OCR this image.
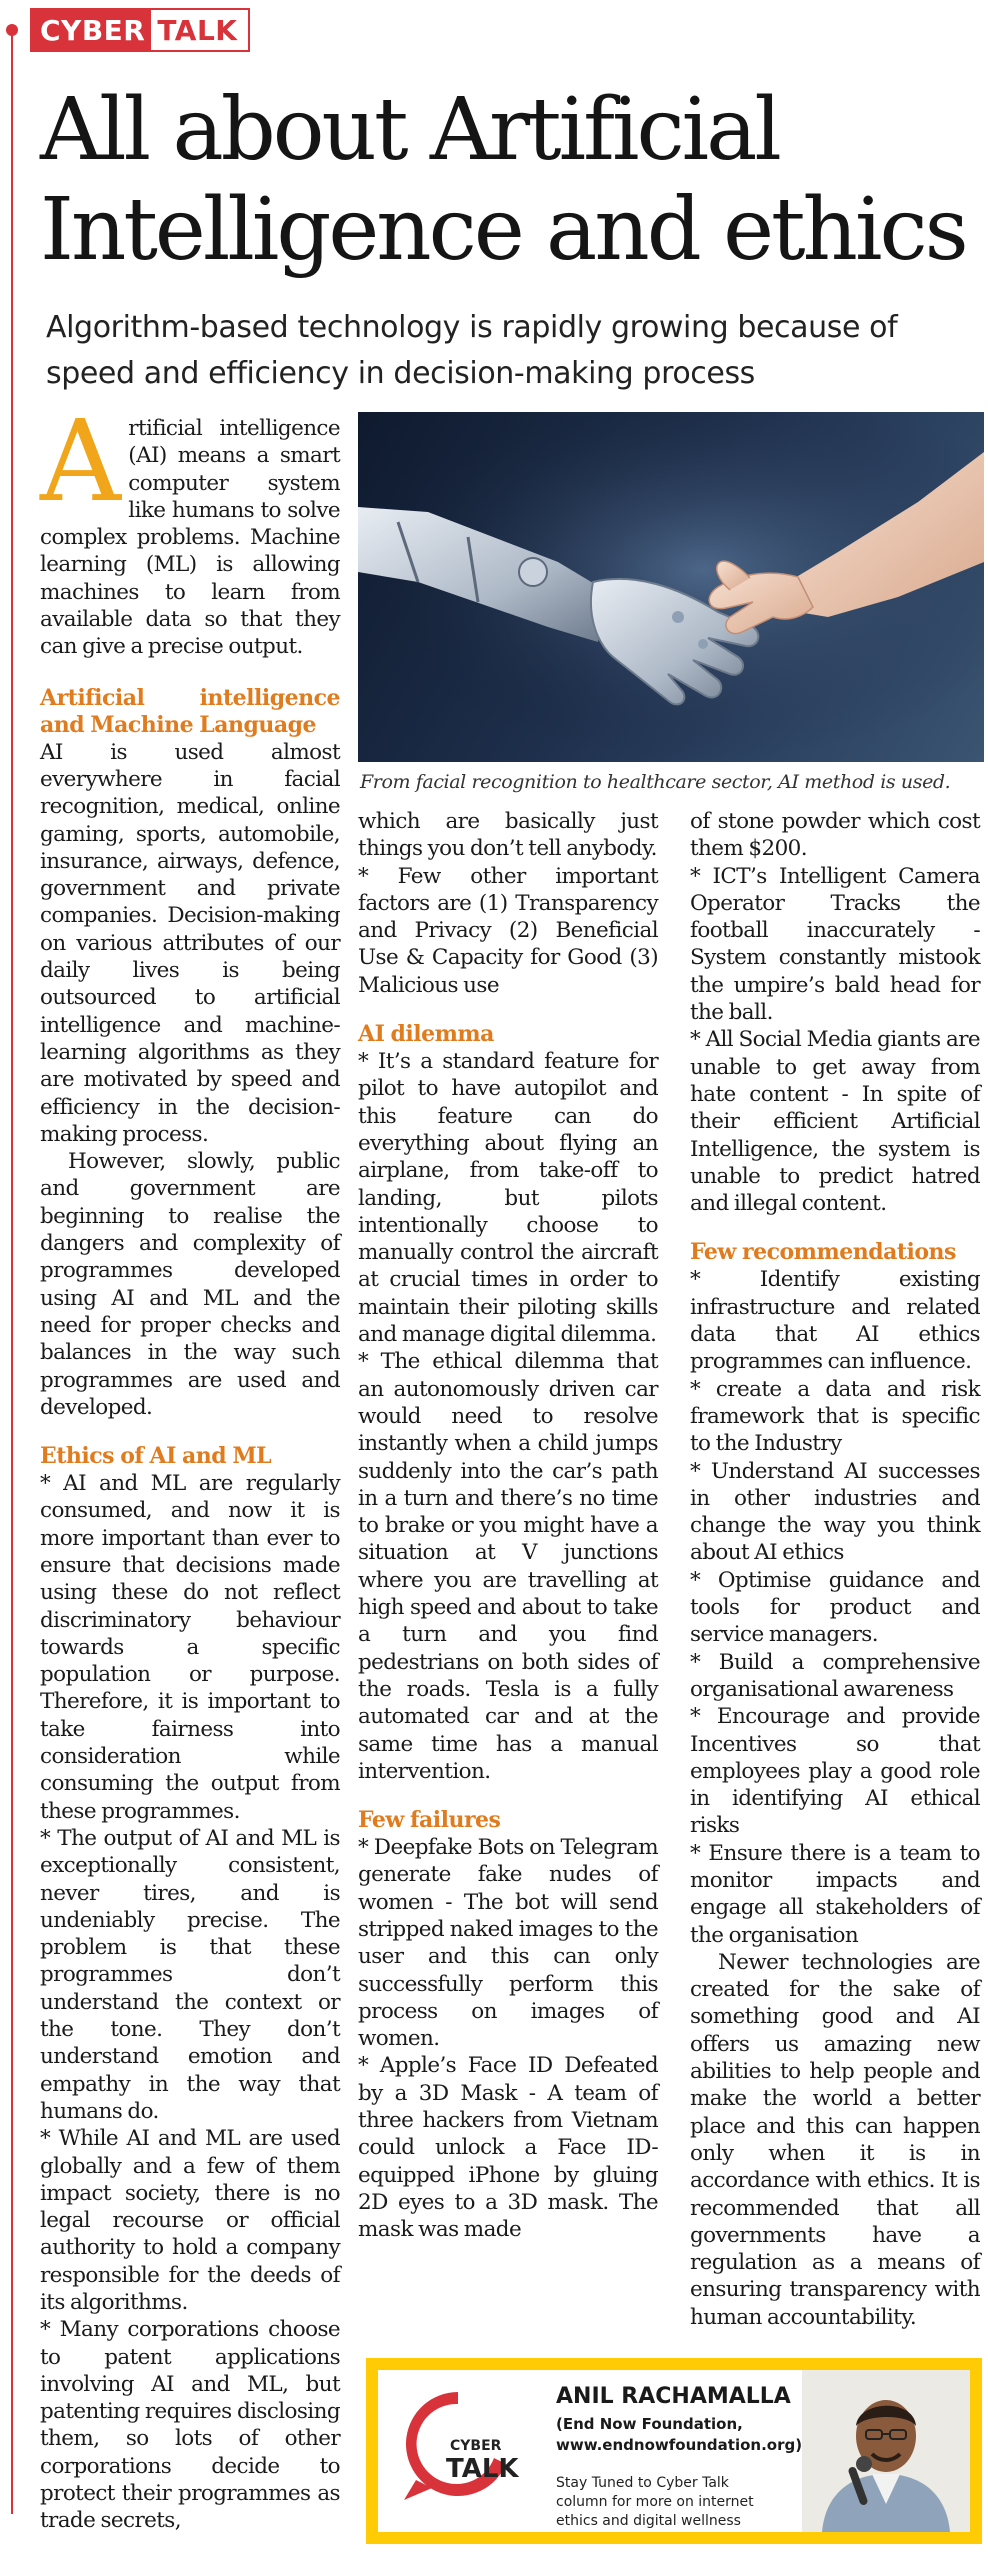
CYBER TALK
All about Artificial
Intelligence and ethics

Algorithm-based technology is rapidly growing because of speed and efficiency in decision-making process

Artificial intelligence (AI) means a smart computer system like humans to solve complex problems. Machine learning (ML) is allowing machines to learn from available data so that they can give a precise output.

Artificial intelligence and Machine Language

AI is used almost everywhere in facial recognition, medical, online gaming, sports, automobile, insurance, airways, defence, government and private companies. Decision-making on various attributes of our daily lives is being outsourced to artificial intelligence and machine-learning algorithms as they are motivated by speed and efficiency in the decision-making process.

However, slowly, public and government are beginning to realise the dangers and complexity of programmes developed using AI and ML and the need for proper checks and balances in the way such programmes are used and developed.

Ethics of AI and ML

* AI and ML are regularly consumed, and now it is more important than ever to ensure that decisions made using these do not reflect discriminatory behaviour towards a specific population or purpose. Therefore, it is important to take fairness into consideration while consuming the output from these programmes.

* The output of AI and ML is exceptionally consistent, never tires, and is undeniably precise. The problem is that these programmes don’t understand the context or the tone. They don’t understand emotion and empathy in the way that humans do.

* While AI and ML are used globally and a few of them impact society, there is no legal recourse or official authority to hold a company responsible for the deeds of its algorithms.

* Many corporations choose to patent applications involving AI and ML, but patenting requires disclosing them, so lots of other corporations decide to protect their programmes as trade secrets,

From facial recognition to healthcare sector, AI method is used.

which are basically just things you don’t tell anybody.

* Few other important factors are (1) Transparency and Privacy (2) Beneficial Use & Capacity for Good (3) Malicious use

AI dilemma

* It’s a standard feature for pilot to have autopilot and this feature can do everything about flying an airplane, from take-off to landing, but pilots intentionally choose to manually control the aircraft at crucial times in order to maintain their piloting skills and manage digital dilemma.

* The ethical dilemma that an autonomously driven car would need to resolve instantly when a child jumps suddenly into the car’s path in a turn and there’s no time to brake or you might have a situation at V junctions where you are travelling at high speed and about to take a turn and you find pedestrians on both sides of the roads. Tesla is a fully automated car and at the same time has a manual intervention.

Few failures

* Deepfake Bots on Telegram generate fake nudes of women - The bot will send stripped naked images to the user and this can only successfully perform this process on images of women.

* Apple’s Face ID Defeated by a 3D Mask - A team of three hackers from Vietnam could unlock a Face ID-equipped iPhone by gluing 2D eyes to a 3D mask. The mask was made

of stone powder which cost them $200.

* ICT’s Intelligent Camera Operator Tracks the football inaccurately - System constantly mistook the umpire’s bald head for the ball.

* All Social Media giants are unable to get away from hate content - In spite of their efficient Artificial Intelligence, the system is unable to predict hatred and illegal content.

Few recommendations

* Identify existing infrastructure and related data that AI ethics programmes can influence.

* create a data and risk framework that is specific to the Industry

* Understand AI successes in other industries and change the way you think about AI ethics

* Optimise guidance and tools for product and service managers.

* Build a comprehensive organisational awareness

* Encourage and provide Incentives so that employees play a good role in identifying AI ethical risks

* Ensure there is a team to monitor impacts and engage all stakeholders of the organisation

Newer technologies are created for the sake of something good and AI offers us amazing new abilities to help people and make the world a better place and this can happen only when it is in accordance with ethics. It is recommended that all governments have a regulation as a means of ensuring transparency with human accountability.

CYBER
TALK
ANIL RACHAMALLA
(End Now Foundation,
www.endnowfoundation.org)
Stay Tuned to Cyber Talk column for more on internet ethics and digital wellness
